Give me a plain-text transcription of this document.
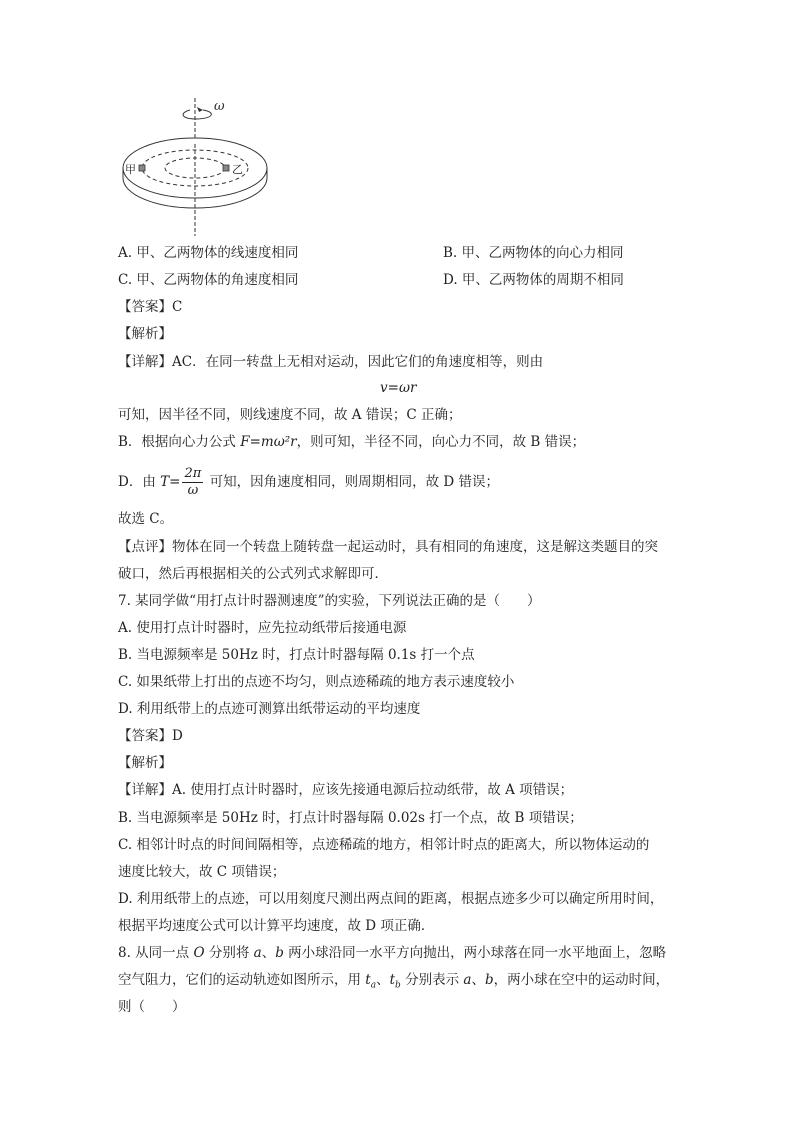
ω
甲	乙
A. 甲、乙两物体的线速度相同	B. 甲、乙两物体的向心力相同
C. 甲、乙两物体的角速度相同	D. 甲、乙两物体的周期不相同
【答案】C
【解析】
【详解】AC．在同一转盘上无相对运动，因此它们的角速度相等，则由
v=ωr
可知，因半径不同，则线速度不同，故 A 错误；C 正确；
B．根据向心力公式 F=mω²r，则可知，半径不同，向心力不同，故 B 错误；
D．由 $T= \frac{2\pi}{\omega}$ 可知，因角速度相同，则周期相同，故 D 错误；
故选 C。
【点评】物体在同一个转盘上随转盘一起运动时，具有相同的角速度，这是解这类题目的突
破口，然后再根据相关的公式列式求解即可．
7. 某同学做“用打点计时器测速度”的实验，下列说法正确的是（　　）
A. 使用打点计时器时，应先拉动纸带后接通电源
B. 当电源频率是 50Hz 时，打点计时器每隔 0.1s 打一个点
C. 如果纸带上打出的点迹不均匀，则点迹稀疏的地方表示速度较小
D. 利用纸带上的点迹可测算出纸带运动的平均速度
【答案】D
【解析】
【详解】A. 使用打点计时器时，应该先接通电源后拉动纸带，故 A 项错误；
B. 当电源频率是 50Hz 时，打点计时器每隔 0.02s 打一个点，故 B 项错误；
C. 相邻计时点的时间间隔相等，点迹稀疏的地方，相邻计时点的距离大，所以物体运动的
速度比较大，故 C 项错误；
D. 利用纸带上的点迹，可以用刻度尺测出两点间的距离，根据点迹多少可以确定所用时间，
根据平均速度公式可以计算平均速度，故 D 项正确．
8. 从同一点 O 分别将 a、b 两小球沿同一水平方向抛出，两小球落在同一水平地面上，忽略
空气阻力，它们的运动轨迹如图所示，用 $t_a$、$t_b$ 分别表示 a、b，两小球在空中的运动时间，
则（　　）
